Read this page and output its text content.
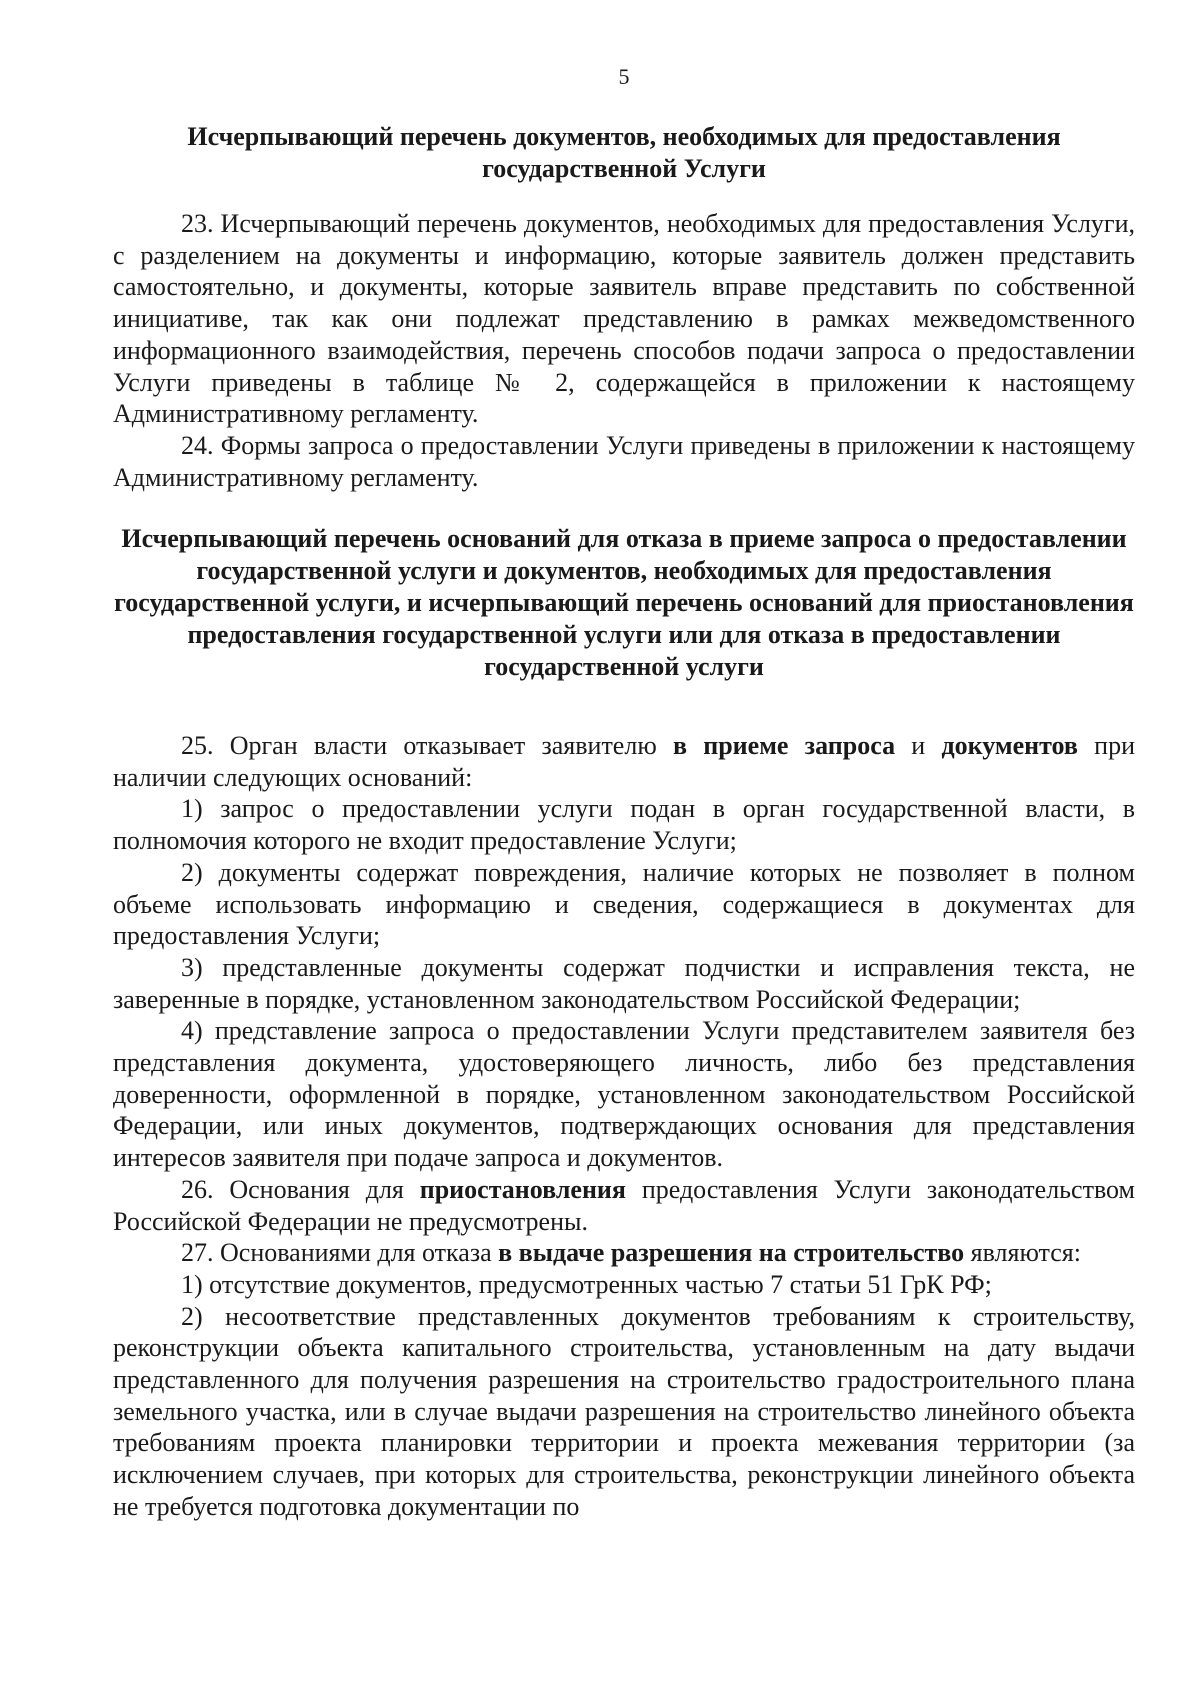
5
Исчерпывающий перечень документов, необходимых для предоставления государственной Услуги

23. Исчерпывающий перечень документов, необходимых для предоставления Услуги, с разделением на документы и информацию, которые заявитель должен представить самостоятельно, и документы, которые заявитель вправе представить по собственной инициативе, так как они подлежат представлению в рамках межведомственного информационного взаимодействия, перечень способов подачи запроса о предоставлении Услуги приведены в таблице № 2, содержащейся в приложении к настоящему Административному регламенту.

24. Формы запроса о предоставлении Услуги приведены в приложении к настоящему Административному регламенту.

Исчерпывающий перечень оснований для отказа в приеме запроса о предоставлении государственной услуги и документов, необходимых для предоставления государственной услуги, и исчерпывающий перечень оснований для приостановления предоставления государственной услуги или для отказа в предоставлении государственной услуги

25. Орган власти отказывает заявителю в приеме запроса и документов при наличии следующих оснований:

1) запрос о предоставлении услуги подан в орган государственной власти, в полномочия которого не входит предоставление Услуги;

2) документы содержат повреждения, наличие которых не позволяет в полном объеме использовать информацию и сведения, содержащиеся в документах для предоставления Услуги;

3) представленные документы содержат подчистки и исправления текста, не заверенные в порядке, установленном законодательством Российской Федерации;

4) представление запроса о предоставлении Услуги представителем заявителя без представления документа, удостоверяющего личность, либо без представления доверенности, оформленной в порядке, установленном законодательством Российской Федерации, или иных документов, подтверждающих основания для представления интересов заявителя при подаче запроса и документов.

26. Основания для приостановления предоставления Услуги законодательством Российской Федерации не предусмотрены.

27. Основаниями для отказа в выдаче разрешения на строительство являются:

1) отсутствие документов, предусмотренных частью 7 статьи 51 ГрК РФ;

2) несоответствие представленных документов требованиям к строительству, реконструкции объекта капитального строительства, установленным на дату выдачи представленного для получения разрешения на строительство градостроительного плана земельного участка, или в случае выдачи разрешения на строительство линейного объекта требованиям проекта планировки территории и проекта межевания территории (за исключением случаев, при которых для строительства, реконструкции линейного объекта не требуется подготовка документации по
